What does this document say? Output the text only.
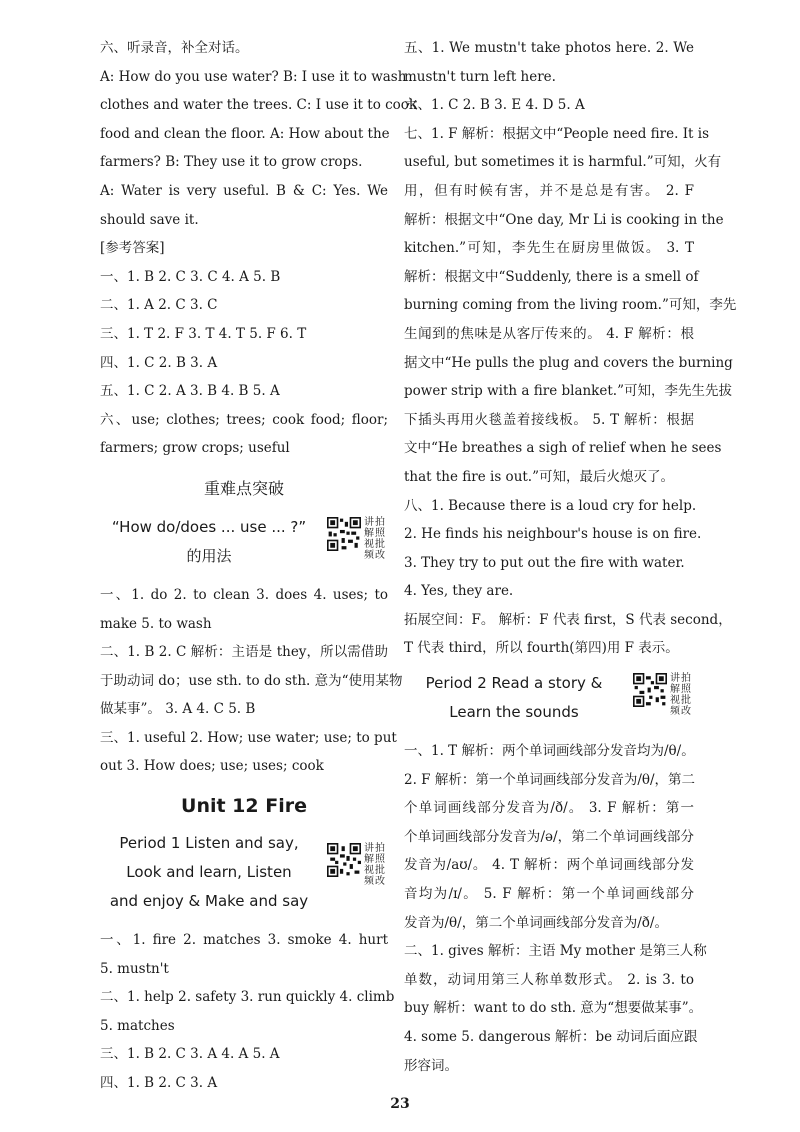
六、听录音，补全对话。
A: How do you use water? B: I use it to wash
clothes and water the trees. C: I use it to cook
food and clean the floor. A: How about the
farmers? B: They use it to grow crops.
A: Water is very useful. B & C: Yes. We
should save it.
[参考答案]
一、1. B 2. C 3. C 4. A 5. B
二、1. A 2. C 3. C
三、1. T 2. F 3. T 4. T 5. F 6. T
四、1. C 2. B 3. A
五、1. C 2. A 3. B 4. B 5. A
六、use; clothes; trees; cook food; floor;
farmers; grow crops; useful
重难点突破
“How do/does ... use ... ?”
的用法
讲拍解照视批频改
一、1. do 2. to clean 3. does 4. uses; to
make 5. to wash
二、1. B 2. C 解析：主语是 they，所以需借助
于助动词 do；use sth. to do sth. 意为“使用某物
做某事”。 3. A 4. C 5. B
三、1. useful 2. How; use water; use; to put
out 3. How does; use; uses; cook
Unit 12 Fire
Period 1 Listen and say,
Look and learn, Listen
and enjoy & Make and say
讲拍解照视批频改
一、1. fire 2. matches 3. smoke 4. hurt
5. mustn't
二、1. help 2. safety 3. run quickly 4. climb
5. matches
三、1. B 2. C 3. A 4. A 5. A
四、1. B 2. C 3. A
五、1. We mustn't take photos here. 2. We
mustn't turn left here.
六、1. C 2. B 3. E 4. D 5. A
七、1. F 解析：根据文中“People need fire. It is
useful, but sometimes it is harmful.”可知，火有
用，但有时候有害，并不是总是有害。 2. F
解析：根据文中“One day, Mr Li is cooking in the
kitchen.”可知，李先生在厨房里做饭。 3. T
解析：根据文中“Suddenly, there is a smell of
burning coming from the living room.”可知，李先
生闻到的焦味是从客厅传来的。 4. F 解析：根
据文中“He pulls the plug and covers the burning
power strip with a fire blanket.”可知，李先生先拔
下插头再用火毯盖着接线板。 5. T 解析：根据
文中“He breathes a sigh of relief when he sees
that the fire is out.”可知，最后火熄灭了。
八、1. Because there is a loud cry for help.
2. He finds his neighbour's house is on fire.
3. They try to put out the fire with water.
4. Yes, they are.
拓展空间：F。 解析：F 代表 first，S 代表 second，
T 代表 third，所以 fourth(第四)用 F 表示。
Period 2 Read a story &
Learn the sounds
讲拍解照视批频改
一、1. T 解析：两个单词画线部分发音均为/θ/。
2. F 解析：第一个单词画线部分发音为/θ/，第二
个单词画线部分发音为/ð/。 3. F 解析：第一
个单词画线部分发音为/ə/，第二个单词画线部分
发音为/aʊ/。 4. T 解析：两个单词画线部分发
音均为/ɪ/。 5. F 解析：第一个单词画线部分
发音为/θ/，第二个单词画线部分发音为/ð/。
二、1. gives 解析：主语 My mother 是第三人称
单数，动词用第三人称单数形式。 2. is 3. to
buy 解析：want to do sth. 意为“想要做某事”。
4. some 5. dangerous 解析：be 动词后面应跟
形容词。
23
